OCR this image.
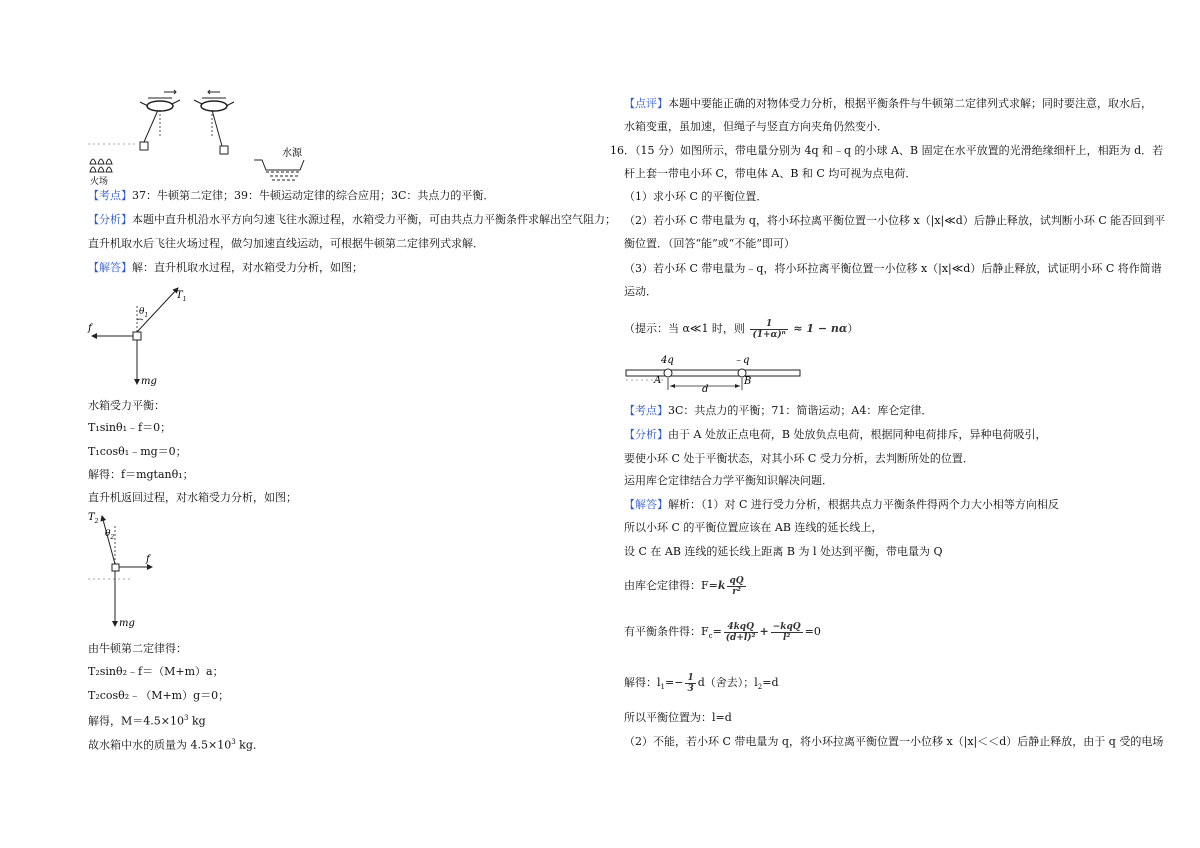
火场
水源
【考点】37：牛顿第二定律；39：牛顿运动定律的综合应用；3C：共点力的平衡．
【分析】本题中直升机沿水平方向匀速飞往水源过程，水箱受力平衡，可由共点力平衡条件求解出空气阻力；
直升机取水后飞往火场过程，做匀加速直线运动，可根据牛顿第二定律列式求解．
【解答】解：直升机取水过程，对水箱受力分析，如图；
$T_1$
$\theta_1$
f
mg
水箱受力平衡：
T₁sinθ₁﹣f＝0；
T₁cosθ₁﹣mg＝0；
解得：f＝mgtanθ₁；
直升机返回过程，对水箱受力分析，如图；
$T_2$
$\theta_2$
f
mg
由牛顿第二定律得：
T₂sinθ₂﹣f＝（M+m）a；
T₂cosθ₂﹣（M+m）g＝0；
解得，$M=4.5\times 10^3$ kg
故水箱中水的质量为 $4.5\times 10^3$ kg．
【点评】本题中要能正确的对物体受力分析，根据平衡条件与牛顿第二定律列式求解；同时要注意，取水后，
水箱变重，虽加速，但绳子与竖直方向夹角仍然变小．
16．（15 分）如图所示，带电量分别为 4q 和﹣q 的小球 A、B 固定在水平放置的光滑绝缘细杆上，相距为 d．若
杆上套一带电小环 C，带电体 A、B 和 C 均可视为点电荷．
（1）求小环 C 的平衡位置．
（2）若小环 C 带电量为 q，将小环拉离平衡位置一小位移 x（|x|≪d）后静止释放，试判断小环 C 能否回到平
衡位置．（回答“能”或“不能”即可）
（3）若小环 C 带电量为﹣q，将小环拉离平衡位置一小位移 x（|x|≪d）后静止释放，试证明小环 C 将作简谐
运动．
（提示：当 α≪1 时，则 $\frac{1}{\text{(1+α)ⁿ}} \approx 1 - n\alpha$）
4q	﹣q
A	B
d
【考点】3C：共点力的平衡；71：简谐运动；A4：库仑定律．
【分析】由于 A 处放正点电荷，B 处放负点电荷，根据同种电荷排斥，异种电荷吸引，
要使小环 C 处于平衡状态，对其小环 C 受力分析，去判断所处的位置．
运用库仑定律结合力学平衡知识解决问题．
【解答】解析：（1）对 C 进行受力分析，根据共点力平衡条件得两个力大小相等方向相反
所以小环 C 的平衡位置应该在 AB 连线的延长线上，
设 C 在 AB 连线的延长线上距离 B 为 l 处达到平衡，带电量为 Q
由库仑定律得：$F=k \frac{qQ}{\text{r²}}$
有平衡条件得：$F_c= \frac{\text{4kqQ}}{\text{(d+l)²}} + \frac{\text{−kqQ}}{\text{l²}} =0$
解得：$l_1=- \frac{1}{3} d$（舍去）；$l_2=d$
所以平衡位置为：l=d
（2）不能，若小环 C 带电量为 q，将小环拉离平衡位置一小位移 x（|x|＜＜d）后静止释放，由于 q 受的电场
